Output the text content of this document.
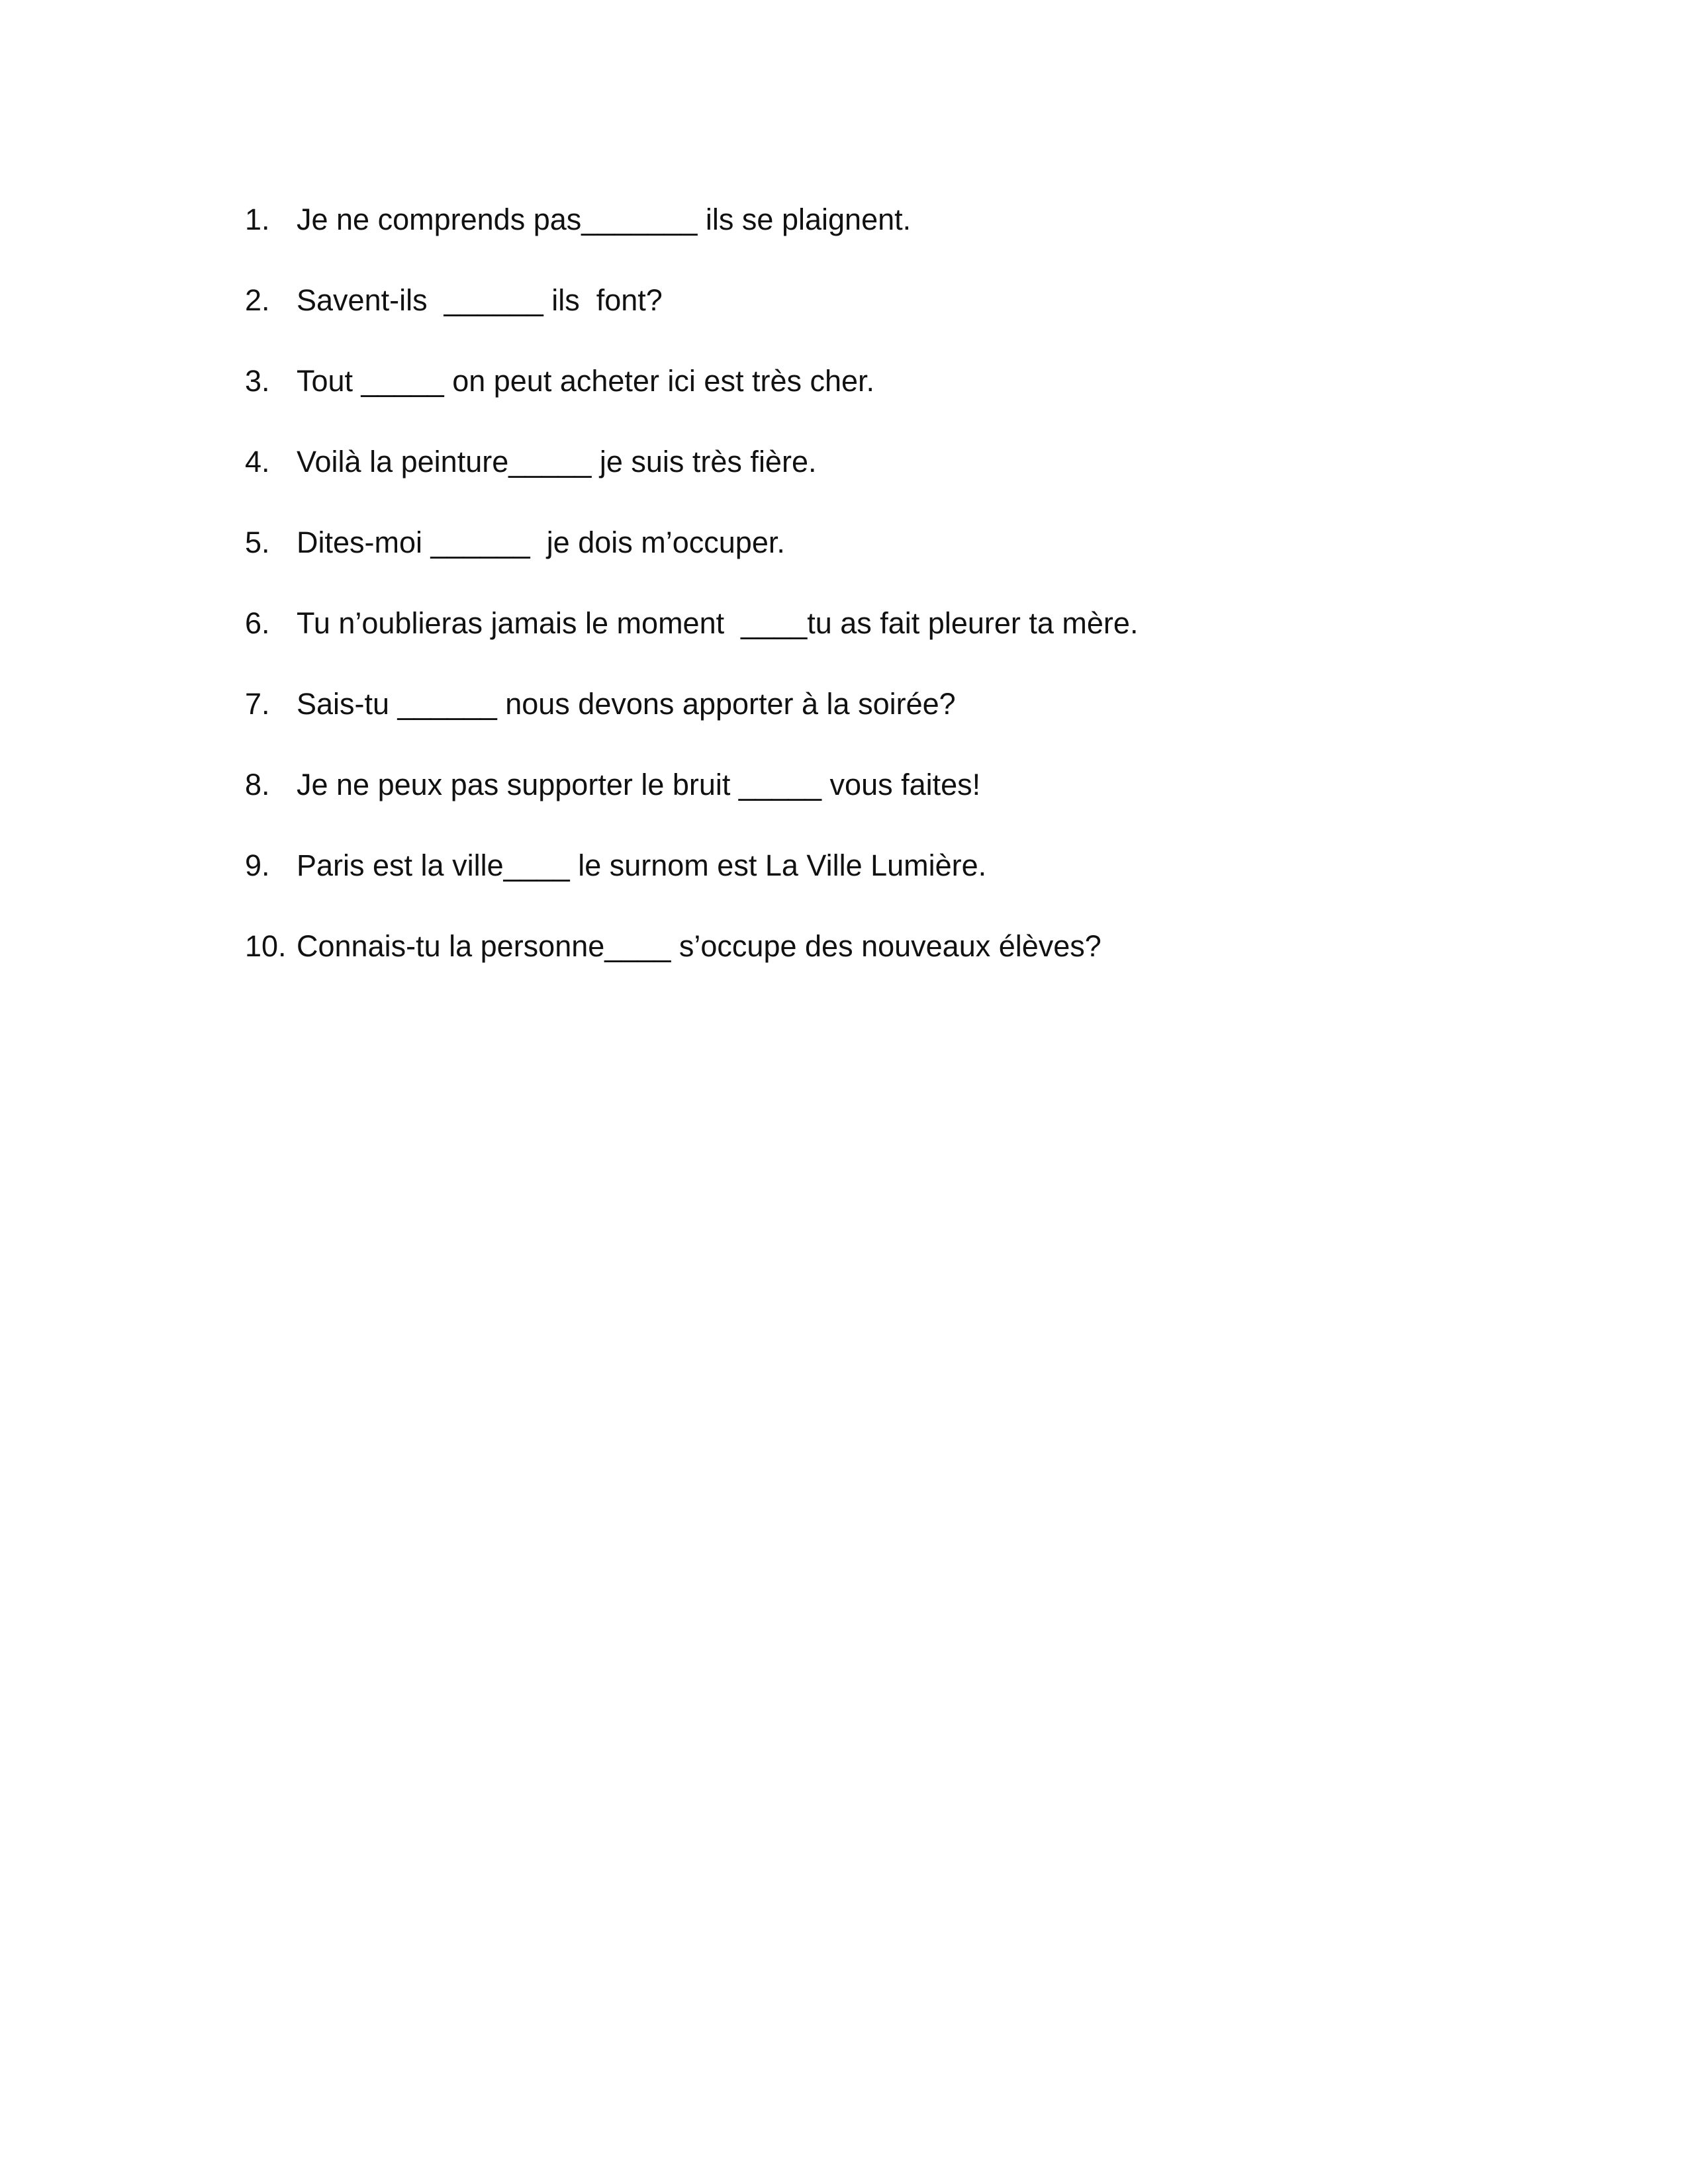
1. Je ne comprends pas_______ ils se plaignent.
2. Savent-ils  ______ ils  font?
3. Tout _____ on peut acheter ici est très cher.
4. Voilà la peinture_____ je suis très fière.
5. Dites-moi ______  je dois m’occuper.
6. Tu n’oublieras jamais le moment  ____tu as fait pleurer ta mère.
7. Sais-tu ______ nous devons apporter à la soirée?
8. Je ne peux pas supporter le bruit _____ vous faites!
9. Paris est la ville____ le surnom est La Ville Lumière.
10. Connais-tu la personne____ s’occupe des nouveaux élèves?
